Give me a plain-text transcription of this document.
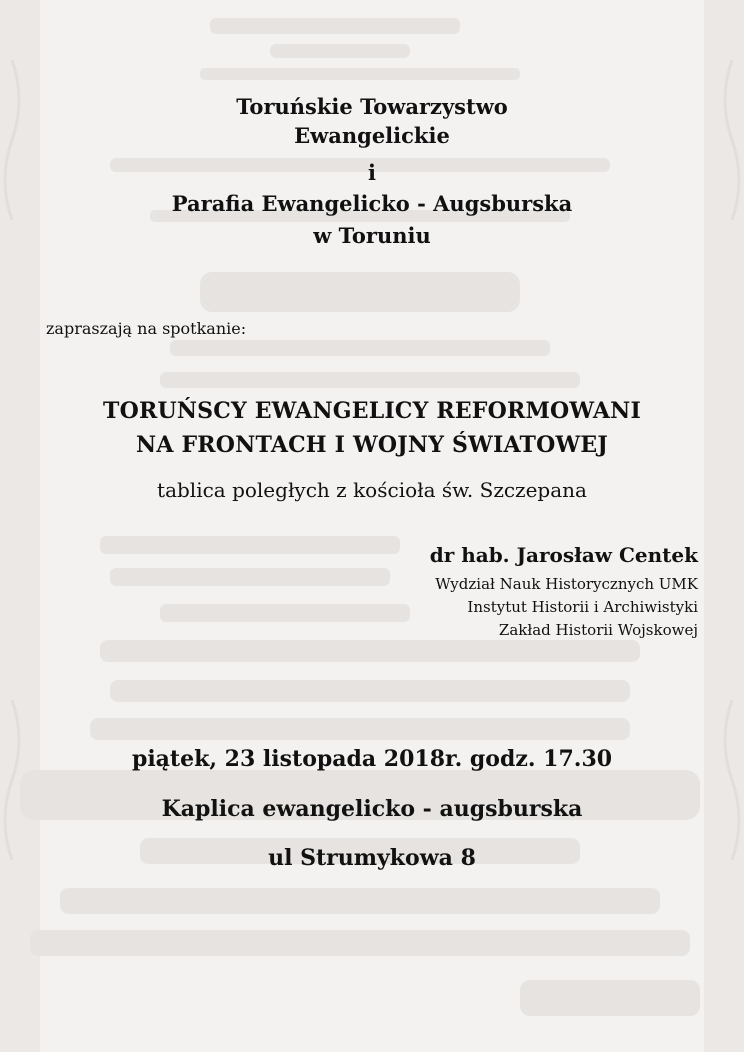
Toruńskie Towarzystwo
Ewangelickie
i
Parafia Ewangelicko - Augsburska
w Toruniu
zapraszają na spotkanie:
TORUŃSCY EWANGELICY REFORMOWANI
NA FRONTACH I WOJNY ŚWIATOWEJ
tablica poległych z kościoła św. Szczepana
dr hab. Jarosław Centek
Wydział Nauk Historycznych UMK
Instytut Historii i Archiwistyki
Zakład Historii Wojskowej
piątek, 23 listopada 2018r. godz. 17.30
Kaplica ewangelicko - augsburska
ul Strumykowa 8
